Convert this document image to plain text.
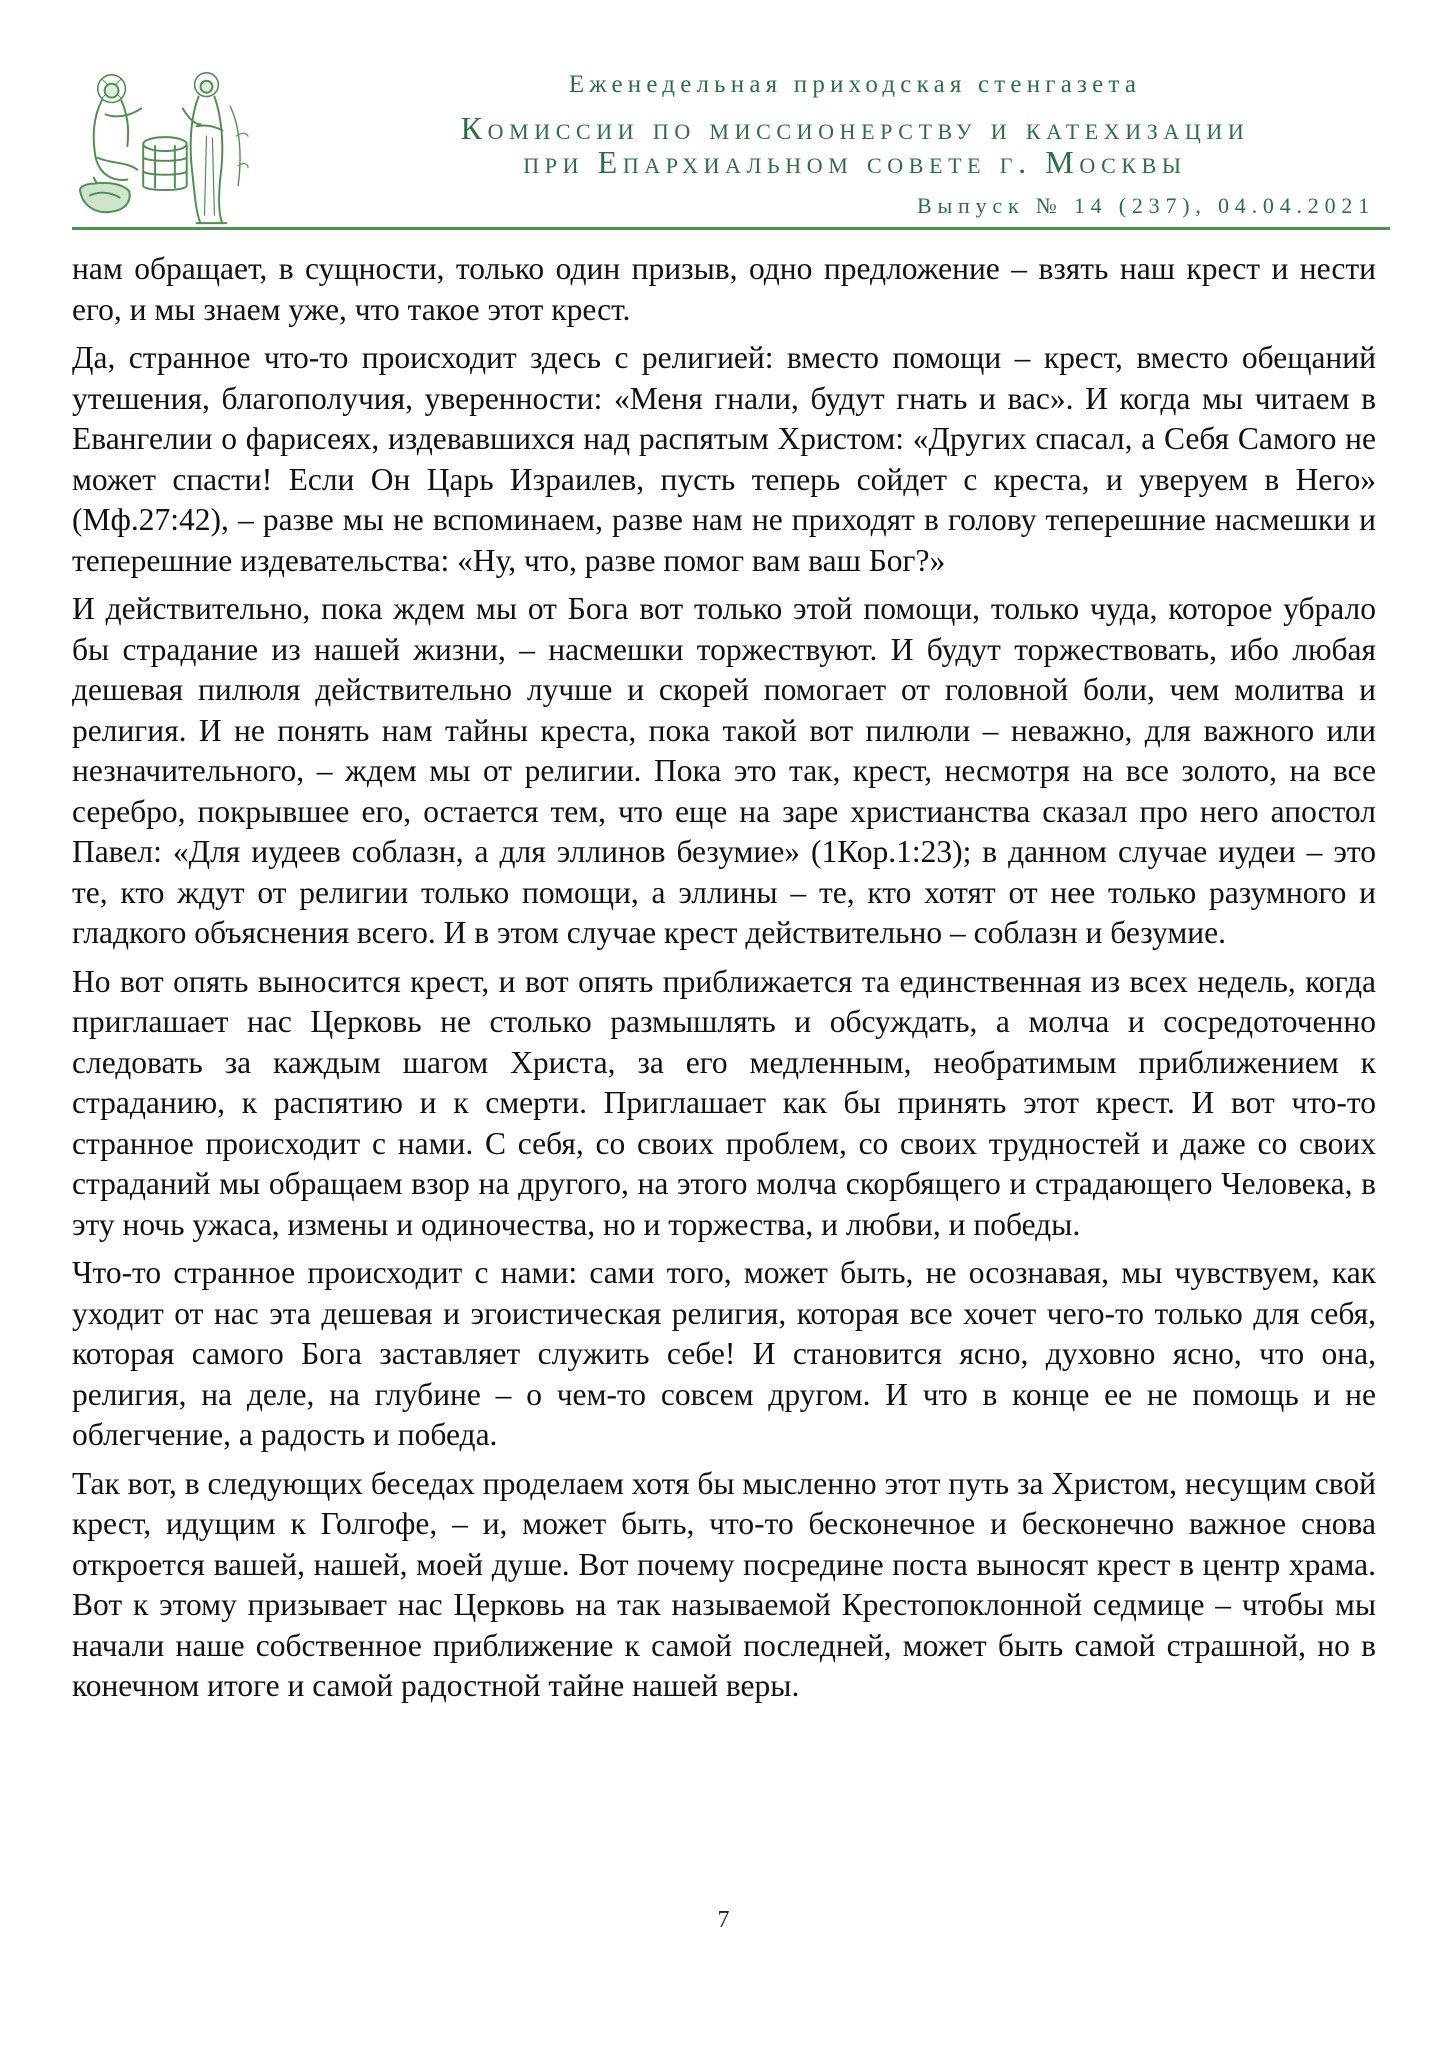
Еженедельная приходская стенгазета
Комиссии по миссионерству и катехизации
при Епархиальном совете г. Москвы
Выпуск № 14 (237), 04.04.2021

нам обращает, в сущности, только один призыв, одно предложение – взять наш крест и нести его, и мы знаем уже, что такое этот крест.

Да, странное что-то происходит здесь с религией: вместо помощи – крест, вместо обещаний утешения, благополучия, уверенности: «Меня гнали, будут гнать и вас». И когда мы читаем в Евангелии о фарисеях, издевавшихся над распятым Христом: «Других спасал, а Себя Самого не может спасти! Если Он Царь Израилев, пусть теперь сойдет с креста, и уверуем в Него» (Мф.27:42), – разве мы не вспоминаем, разве нам не приходят в голову теперешние насмешки и теперешние издевательства: «Ну, что, разве помог вам ваш Бог?»

И действительно, пока ждем мы от Бога вот только этой помощи, только чуда, которое убрало бы страдание из нашей жизни, – насмешки торжествуют. И будут торжествовать, ибо любая дешевая пилюля действительно лучше и скорей помогает от головной боли, чем молитва и религия. И не понять нам тайны креста, пока такой вот пилюли – неважно, для важного или незначительного, – ждем мы от религии. Пока это так, крест, несмотря на все золото, на все серебро, покрывшее его, остается тем, что еще на заре христианства сказал про него апостол Павел: «Для иудеев соблазн, а для эллинов безумие» (1Кор.1:23); в данном случае иудеи – это те, кто ждут от религии только помощи, а эллины – те, кто хотят от нее только разумного и гладкого объяснения всего. И в этом случае крест действительно – соблазн и безумие.

Но вот опять выносится крест, и вот опять приближается та единственная из всех недель, когда приглашает нас Церковь не столько размышлять и обсуждать, а молча и сосредоточенно следовать за каждым шагом Христа, за его медленным, необратимым приближением к страданию, к распятию и к смерти. Приглашает как бы принять этот крест. И вот что-то странное происходит с нами. С себя, со своих проблем, со своих трудностей и даже со своих страданий мы обращаем взор на другого, на этого молча скорбящего и страдающего Человека, в эту ночь ужаса, измены и одиночества, но и торжества, и любви, и победы.

Что-то странное происходит с нами: сами того, может быть, не осознавая, мы чувствуем, как уходит от нас эта дешевая и эгоистическая религия, которая все хочет чего-то только для себя, которая самого Бога заставляет служить себе! И становится ясно, духовно ясно, что она, религия, на деле, на глубине – о чем-то совсем другом. И что в конце ее не помощь и не облегчение, а радость и победа.

Так вот, в следующих беседах проделаем хотя бы мысленно этот путь за Христом, несущим свой крест, идущим к Голгофе, – и, может быть, что-то бесконечное и бесконечно важное снова откроется вашей, нашей, моей душе. Вот почему посредине поста выносят крест в центр храма. Вот к этому призывает нас Церковь на так называемой Крестопоклонной седмице – чтобы мы начали наше собственное приближение к самой последней, может быть самой страшной, но в конечном итоге и самой радостной тайне нашей веры.

7
